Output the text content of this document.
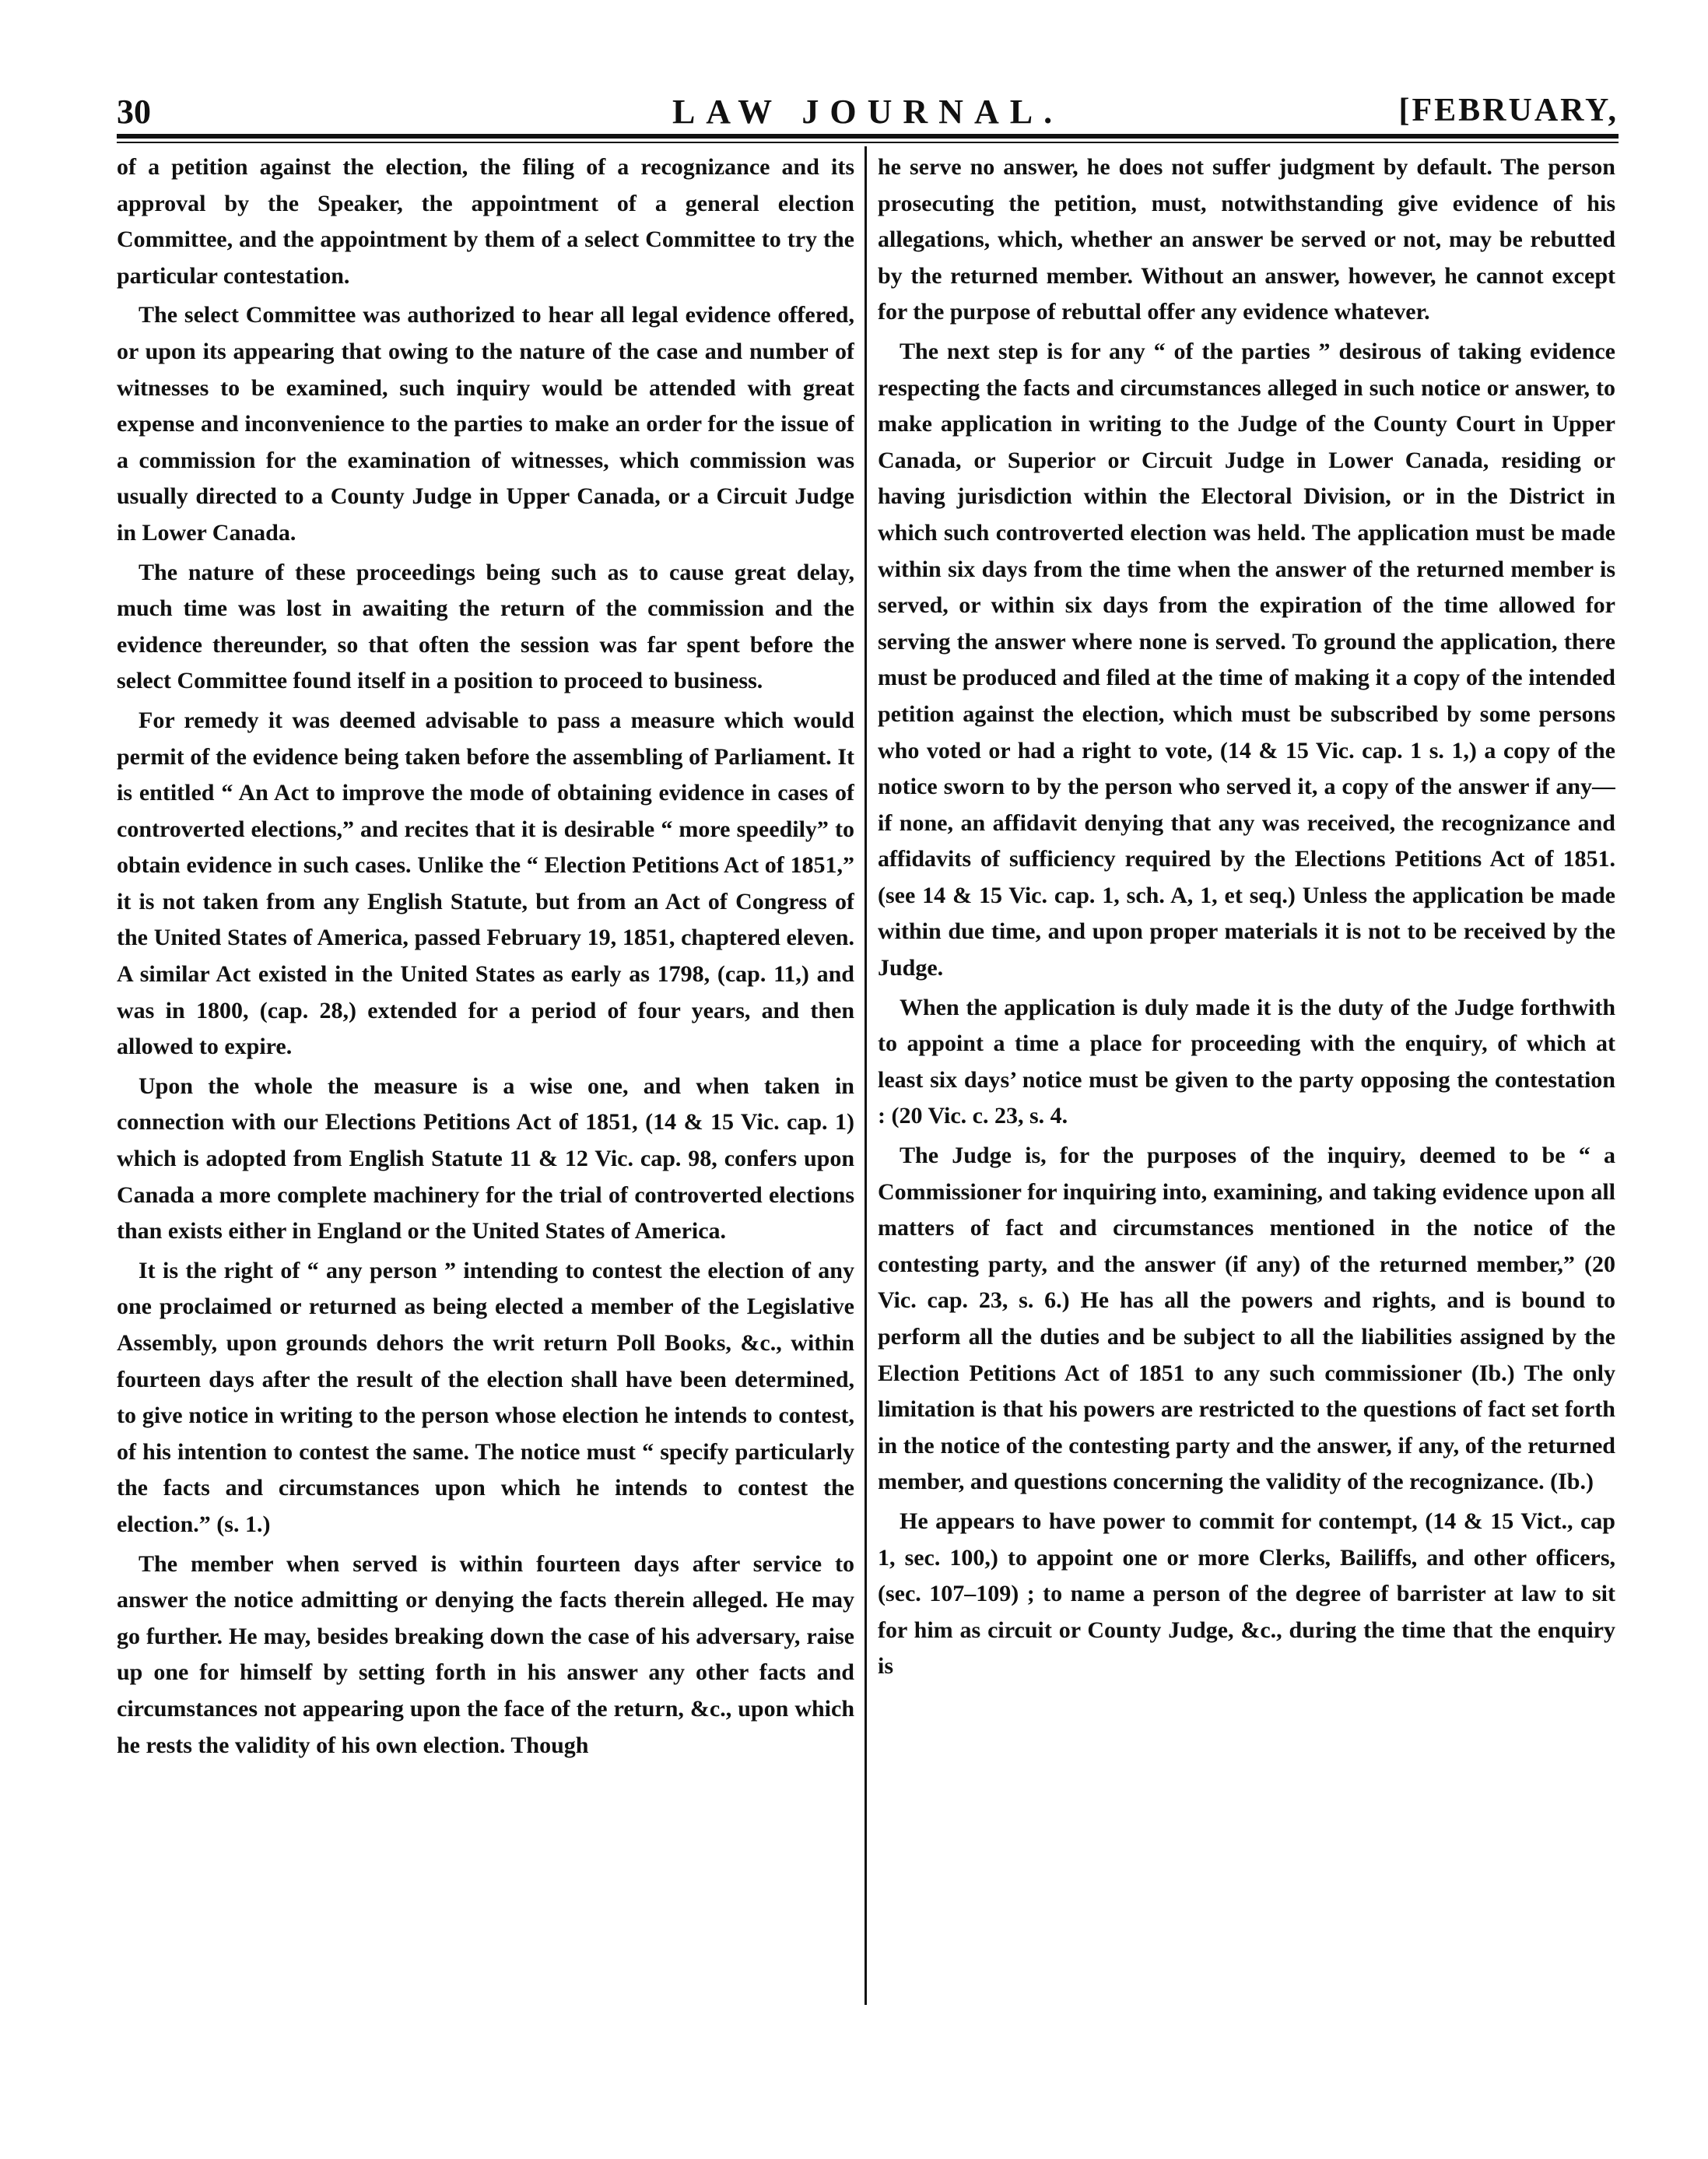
30	LAW JOURNAL.	[FEBRUARY,

of a petition against the election, the filing of a recognizance and its approval by the Speaker, the appointment of a general election Committee, and the appointment by them of a select Committee to try the particular contestation.

The select Committee was authorized to hear all legal evidence offered, or upon its appearing that owing to the nature of the case and number of witnesses to be examined, such inquiry would be attended with great expense and inconvenience to the parties to make an order for the issue of a commission for the examination of witnesses, which commission was usually directed to a County Judge in Upper Canada, or a Circuit Judge in Lower Canada.

The nature of these proceedings being such as to cause great delay, much time was lost in awaiting the return of the commission and the evidence thereunder, so that often the session was far spent before the select Committee found itself in a position to proceed to business.

For remedy it was deemed advisable to pass a measure which would permit of the evidence being taken before the assembling of Parliament. It is entitled “ An Act to improve the mode of obtaining evidence in cases of controverted elections,” and recites that it is desirable “ more speedily” to obtain evidence in such cases. Unlike the “ Election Petitions Act of 1851,” it is not taken from any English Statute, but from an Act of Congress of the United States of America, passed February 19, 1851, chaptered eleven. A similar Act existed in the United States as early as 1798, (cap. 11,) and was in 1800, (cap. 28,) extended for a period of four years, and then allowed to expire.

Upon the whole the measure is a wise one, and when taken in connection with our Elections Petitions Act of 1851, (14 & 15 Vic. cap. 1) which is adopted from English Statute 11 & 12 Vic. cap. 98, confers upon Canada a more complete machinery for the trial of controverted elections than exists either in England or the United States of America.

It is the right of “ any person ” intending to contest the election of any one proclaimed or returned as being elected a member of the Legislative Assembly, upon grounds dehors the writ return Poll Books, &c., within fourteen days after the result of the election shall have been determined, to give notice in writing to the person whose election he intends to contest, of his intention to contest the same. The notice must “ specify particularly the facts and circumstances upon which he intends to contest the election.” (s. 1.)

The member when served is within fourteen days after service to answer the notice admitting or denying the facts therein alleged. He may go further. He may, besides breaking down the case of his adversary, raise up one for himself by setting forth in his answer any other facts and circumstances not appearing upon the face of the return, &c., upon which he rests the validity of his own election. Though

he serve no answer, he does not suffer judgment by default. The person prosecuting the petition, must, notwithstanding give evidence of his allegations, which, whether an answer be served or not, may be rebutted by the returned member. Without an answer, however, he cannot except for the purpose of rebuttal offer any evidence whatever.

The next step is for any “ of the parties ” desirous of taking evidence respecting the facts and circumstances alleged in such notice or answer, to make application in writing to the Judge of the County Court in Upper Canada, or Superior or Circuit Judge in Lower Canada, residing or having jurisdiction within the Electoral Division, or in the District in which such controverted election was held. The application must be made within six days from the time when the answer of the returned member is served, or within six days from the expiration of the time allowed for serving the answer where none is served. To ground the application, there must be produced and filed at the time of making it a copy of the intended petition against the election, which must be subscribed by some persons who voted or had a right to vote, (14 & 15 Vic. cap. 1 s. 1,) a copy of the notice sworn to by the person who served it, a copy of the answer if any—if none, an affidavit denying that any was received, the recognizance and affidavits of sufficiency required by the Elections Petitions Act of 1851. (see 14 & 15 Vic. cap. 1, sch. A, 1, et seq.) Unless the application be made within due time, and upon proper materials it is not to be received by the Judge.

When the application is duly made it is the duty of the Judge forthwith to appoint a time a place for proceeding with the enquiry, of which at least six days’ notice must be given to the party opposing the contestation : (20 Vic. c. 23, s. 4.

The Judge is, for the purposes of the inquiry, deemed to be “ a Commissioner for inquiring into, examining, and taking evidence upon all matters of fact and circumstances mentioned in the notice of the contesting party, and the answer (if any) of the returned member,” (20 Vic. cap. 23, s. 6.) He has all the powers and rights, and is bound to perform all the duties and be subject to all the liabilities assigned by the Election Petitions Act of 1851 to any such commissioner (Ib.) The only limitation is that his powers are restricted to the questions of fact set forth in the notice of the contesting party and the answer, if any, of the returned member, and questions concerning the validity of the recognizance. (Ib.)

He appears to have power to commit for contempt, (14 & 15 Vict., cap 1, sec. 100,) to appoint one or more Clerks, Bailiffs, and other officers, (sec. 107–109) ; to name a person of the degree of barrister at law to sit for him as circuit or County Judge, &c., during the time that the enquiry is
